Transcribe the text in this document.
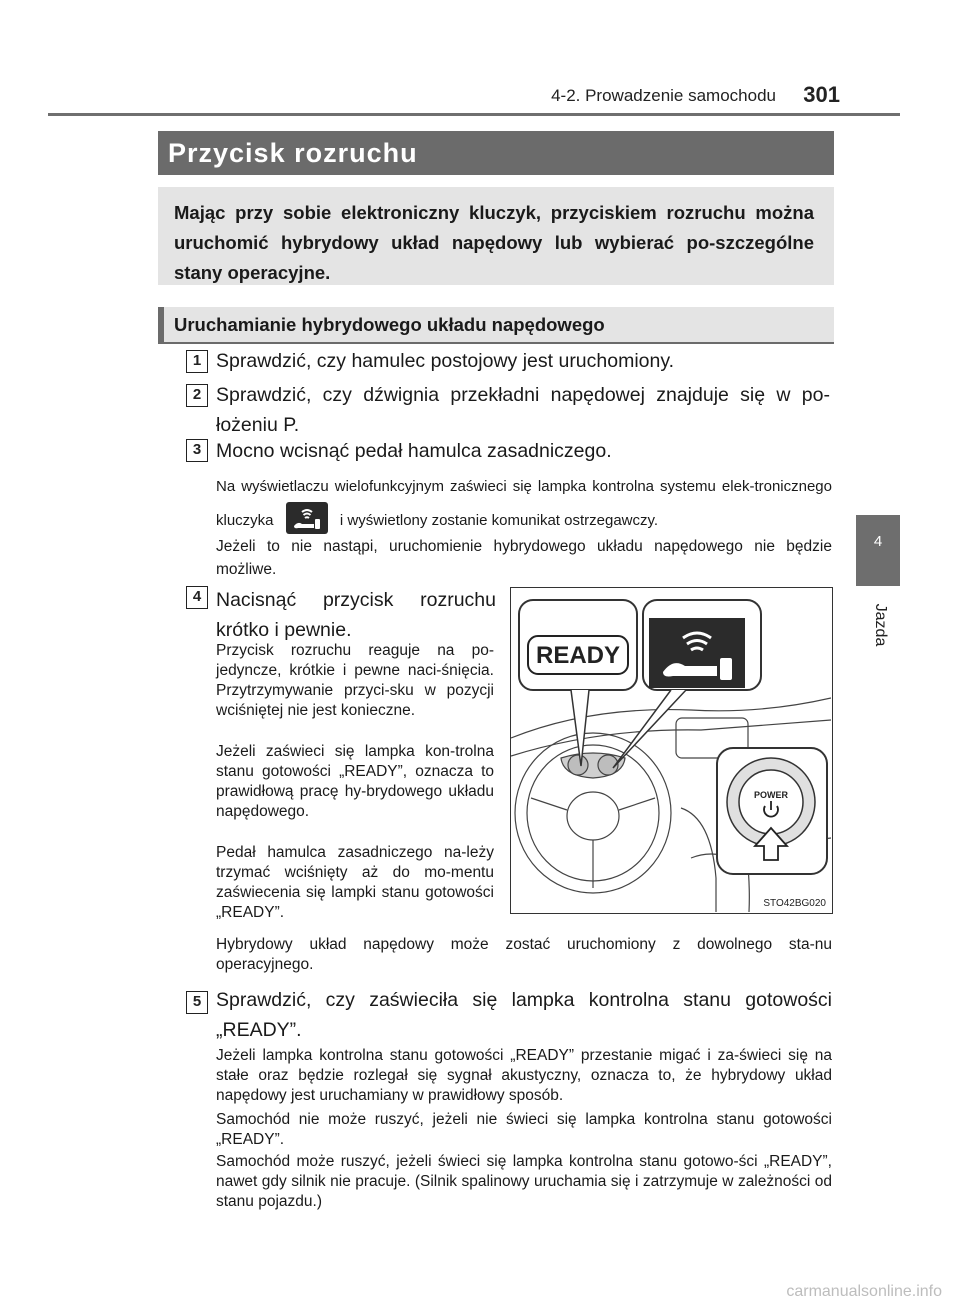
4-2. Prowadzenie samochodu 301
4
Jazda
Przycisk rozruchu
Mając przy sobie elektroniczny kluczyk, przyciskiem rozruchu można uruchomić hybrydowy układ napędowy lub wybierać po-szczególne stany operacyjne.
Uruchamianie hybrydowego układu napędowego
1 Sprawdzić, czy hamulec postojowy jest uruchomiony.
2 Sprawdzić, czy dźwignia przekładni napędowej znajduje się w po-łożeniu P.
3 Mocno wcisnąć pedał hamulca zasadniczego.
Na wyświetlaczu wielofunkcyjnym zaświeci się lampka kontrolna systemu elek-tronicznego kluczyka	i wyświetlony zostanie komunikat ostrzegawczy.
Jeżeli to nie nastąpi, uruchomienie hybrydowego układu napędowego nie będzie możliwe.
4 Nacisnąć przycisk rozruchu krótko i pewnie.
Przycisk rozruchu reaguje na po-jedyncze, krótkie i pewne naci-śnięcia. Przytrzymywanie przyci-sku w pozycji wciśniętej nie jest konieczne.
Jeżeli zaświeci się lampka kon-trolna stanu gotowości „READY”, oznacza to prawidłową pracę hy-brydowego układu napędowego.
Pedał hamulca zasadniczego na-leży trzymać wciśnięty aż do mo-mentu zaświecenia się lampki stanu gotowości „READY”.
Hybrydowy układ napędowy może zostać uruchomiony z dowolnego sta-nu operacyjnego.
READY
POWER
STO42BG020
5 Sprawdzić, czy zaświeciła się lampka kontrolna stanu gotowości „READY”.
Jeżeli lampka kontrolna stanu gotowości „READY” przestanie migać i za-świeci się na stałe oraz będzie rozlegał się sygnał akustyczny, oznacza to, że hybrydowy układ napędowy jest uruchamiany w prawidłowy sposób.
Samochód nie może ruszyć, jeżeli nie świeci się lampka kontrolna stanu gotowości „READY”.
Samochód może ruszyć, jeżeli świeci się lampka kontrolna stanu gotowo-ści „READY”, nawet gdy silnik nie pracuje. (Silnik spalinowy uruchamia się i zatrzymuje w zależności od stanu pojazdu.)
carmanualsonline.info
